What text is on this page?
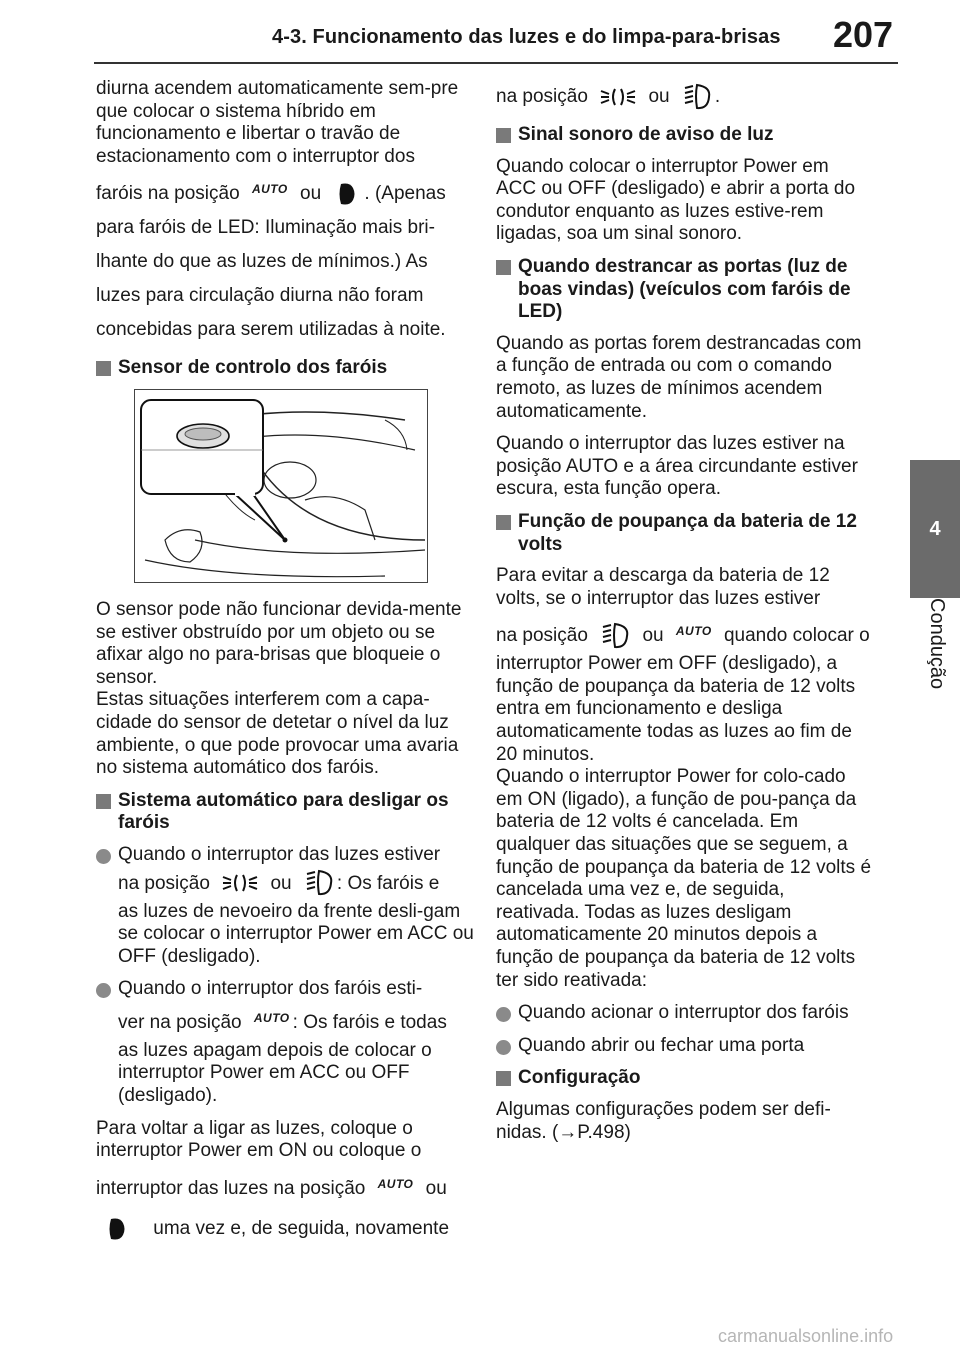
4-3. Funcionamento das luzes e do limpa-para-brisas	207
4
Condução

diurna acendem automaticamente sem-pre que colocar o sistema híbrido em funcionamento e libertar o travão de estacionamento com o interruptor dos

faróis na posição $^{AUTO}$ ou . (Apenas para faróis de LED: Iluminação mais bri-lhante do que as luzes de mínimos.) As luzes para circulação diurna não foram concebidas para serem utilizadas à noite.

Sensor de controlo dos faróis

O sensor pode não funcionar devida-mente se estiver obstruído por um objeto ou se afixar algo no para-brisas que bloqueie o sensor.

Estas situações interferem com a capa-cidade do sensor de detetar o nível da luz ambiente, o que pode provocar uma avaria no sistema automático dos faróis.

Sistema automático para desligar os faróis
Quando o interruptor das luzes estiver
na posição	ou : Os faróis e
as luzes de nevoeiro da frente desli-gam se colocar o interruptor Power em ACC ou OFF (desligado).
Quando o interruptor dos faróis esti-
ver na posição $^{AUTO}$ : Os faróis e todas
as luzes apagam depois de colocar o interruptor Power em ACC ou OFF (desligado).

Para voltar a ligar as luzes, coloque o interruptor Power em ON ou coloque o

interruptor das luzes na posição $^{AUTO}$ ou

uma vez e, de seguida, novamente

na posição	ou .

Sinal sonoro de aviso de luz

Quando colocar o interruptor Power em ACC ou OFF (desligado) e abrir a porta do condutor enquanto as luzes estive-rem ligadas, soa um sinal sonoro.

Quando destrancar as portas (luz de boas vindas) (veículos com faróis de LED)

Quando as portas forem destrancadas com a função de entrada ou com o comando remoto, as luzes de mínimos acendem automaticamente.

Quando o interruptor das luzes estiver na posição AUTO e a área circundante estiver escura, esta função opera.

Função de poupança da bateria de 12 volts

Para evitar a descarga da bateria de 12 volts, se o interruptor das luzes estiver

na posição	ou $^{AUTO}$ quando colocar o interruptor Power em OFF (desligado), a função de poupança da bateria de 12 volts entra em funcionamento e desliga automaticamente todas as luzes ao fim de 20 minutos.

Quando o interruptor Power for colo-cado em ON (ligado), a função de pou-pança da bateria de 12 volts é cancelada. Em qualquer das situações que se seguem, a função de poupança da bateria de 12 volts é cancelada uma vez e, de seguida, reativada. Todas as luzes desligam automaticamente 20 minutos depois a função de poupança da bateria de 12 volts ter sido reativada:

Quando acionar o interruptor dos faróis
Quando abrir ou fechar uma porta
Configuração

Algumas configurações podem ser defi-nidas. (→P.498)

carmanualsonline.info
